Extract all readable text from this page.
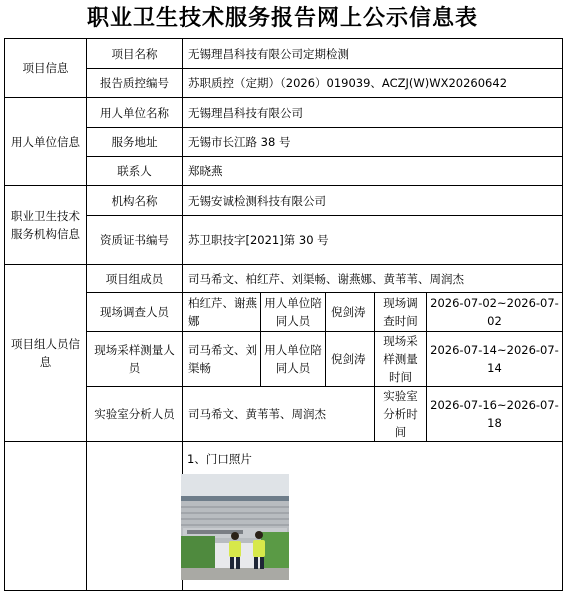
职业卫生技术服务报告网上公示信息表
项目信息	项目名称	无锡理昌科技有限公司定期检测				
	报告质控编号	苏职质控（定期）（2026）019039、ACZJ(W)WX20260642				
用人单位信息	用人单位名称	无锡理昌科技有限公司				
	服务地址	无锡市长江路 38 号				
	联系人	郑晓燕				
职业卫生技术服务机构信息	机构名称	无锡安诚检测科技有限公司				
	资质证书编号	苏卫职技字[2021]第 30 号				
项目组人员信息	项目组成员	司马希文、柏红芹、刘渠畅、谢燕娜、黄苇苇、周润杰				
	现场调查人员	柏红芹、谢燕娜	用人单位陪同人员	倪剑涛	现场调查时间	2026-07-02~2026-07-02
	现场采样测量人员	司马希文、刘渠畅	用人单位陪同人员	倪剑涛	现场采样测量时间	2026-07-14~2026-07-14
	实验室分析人员	司马希文、黄苇苇、周润杰			实验室分析时间	2026-07-16~2026-07-18

		1、门口照片				
